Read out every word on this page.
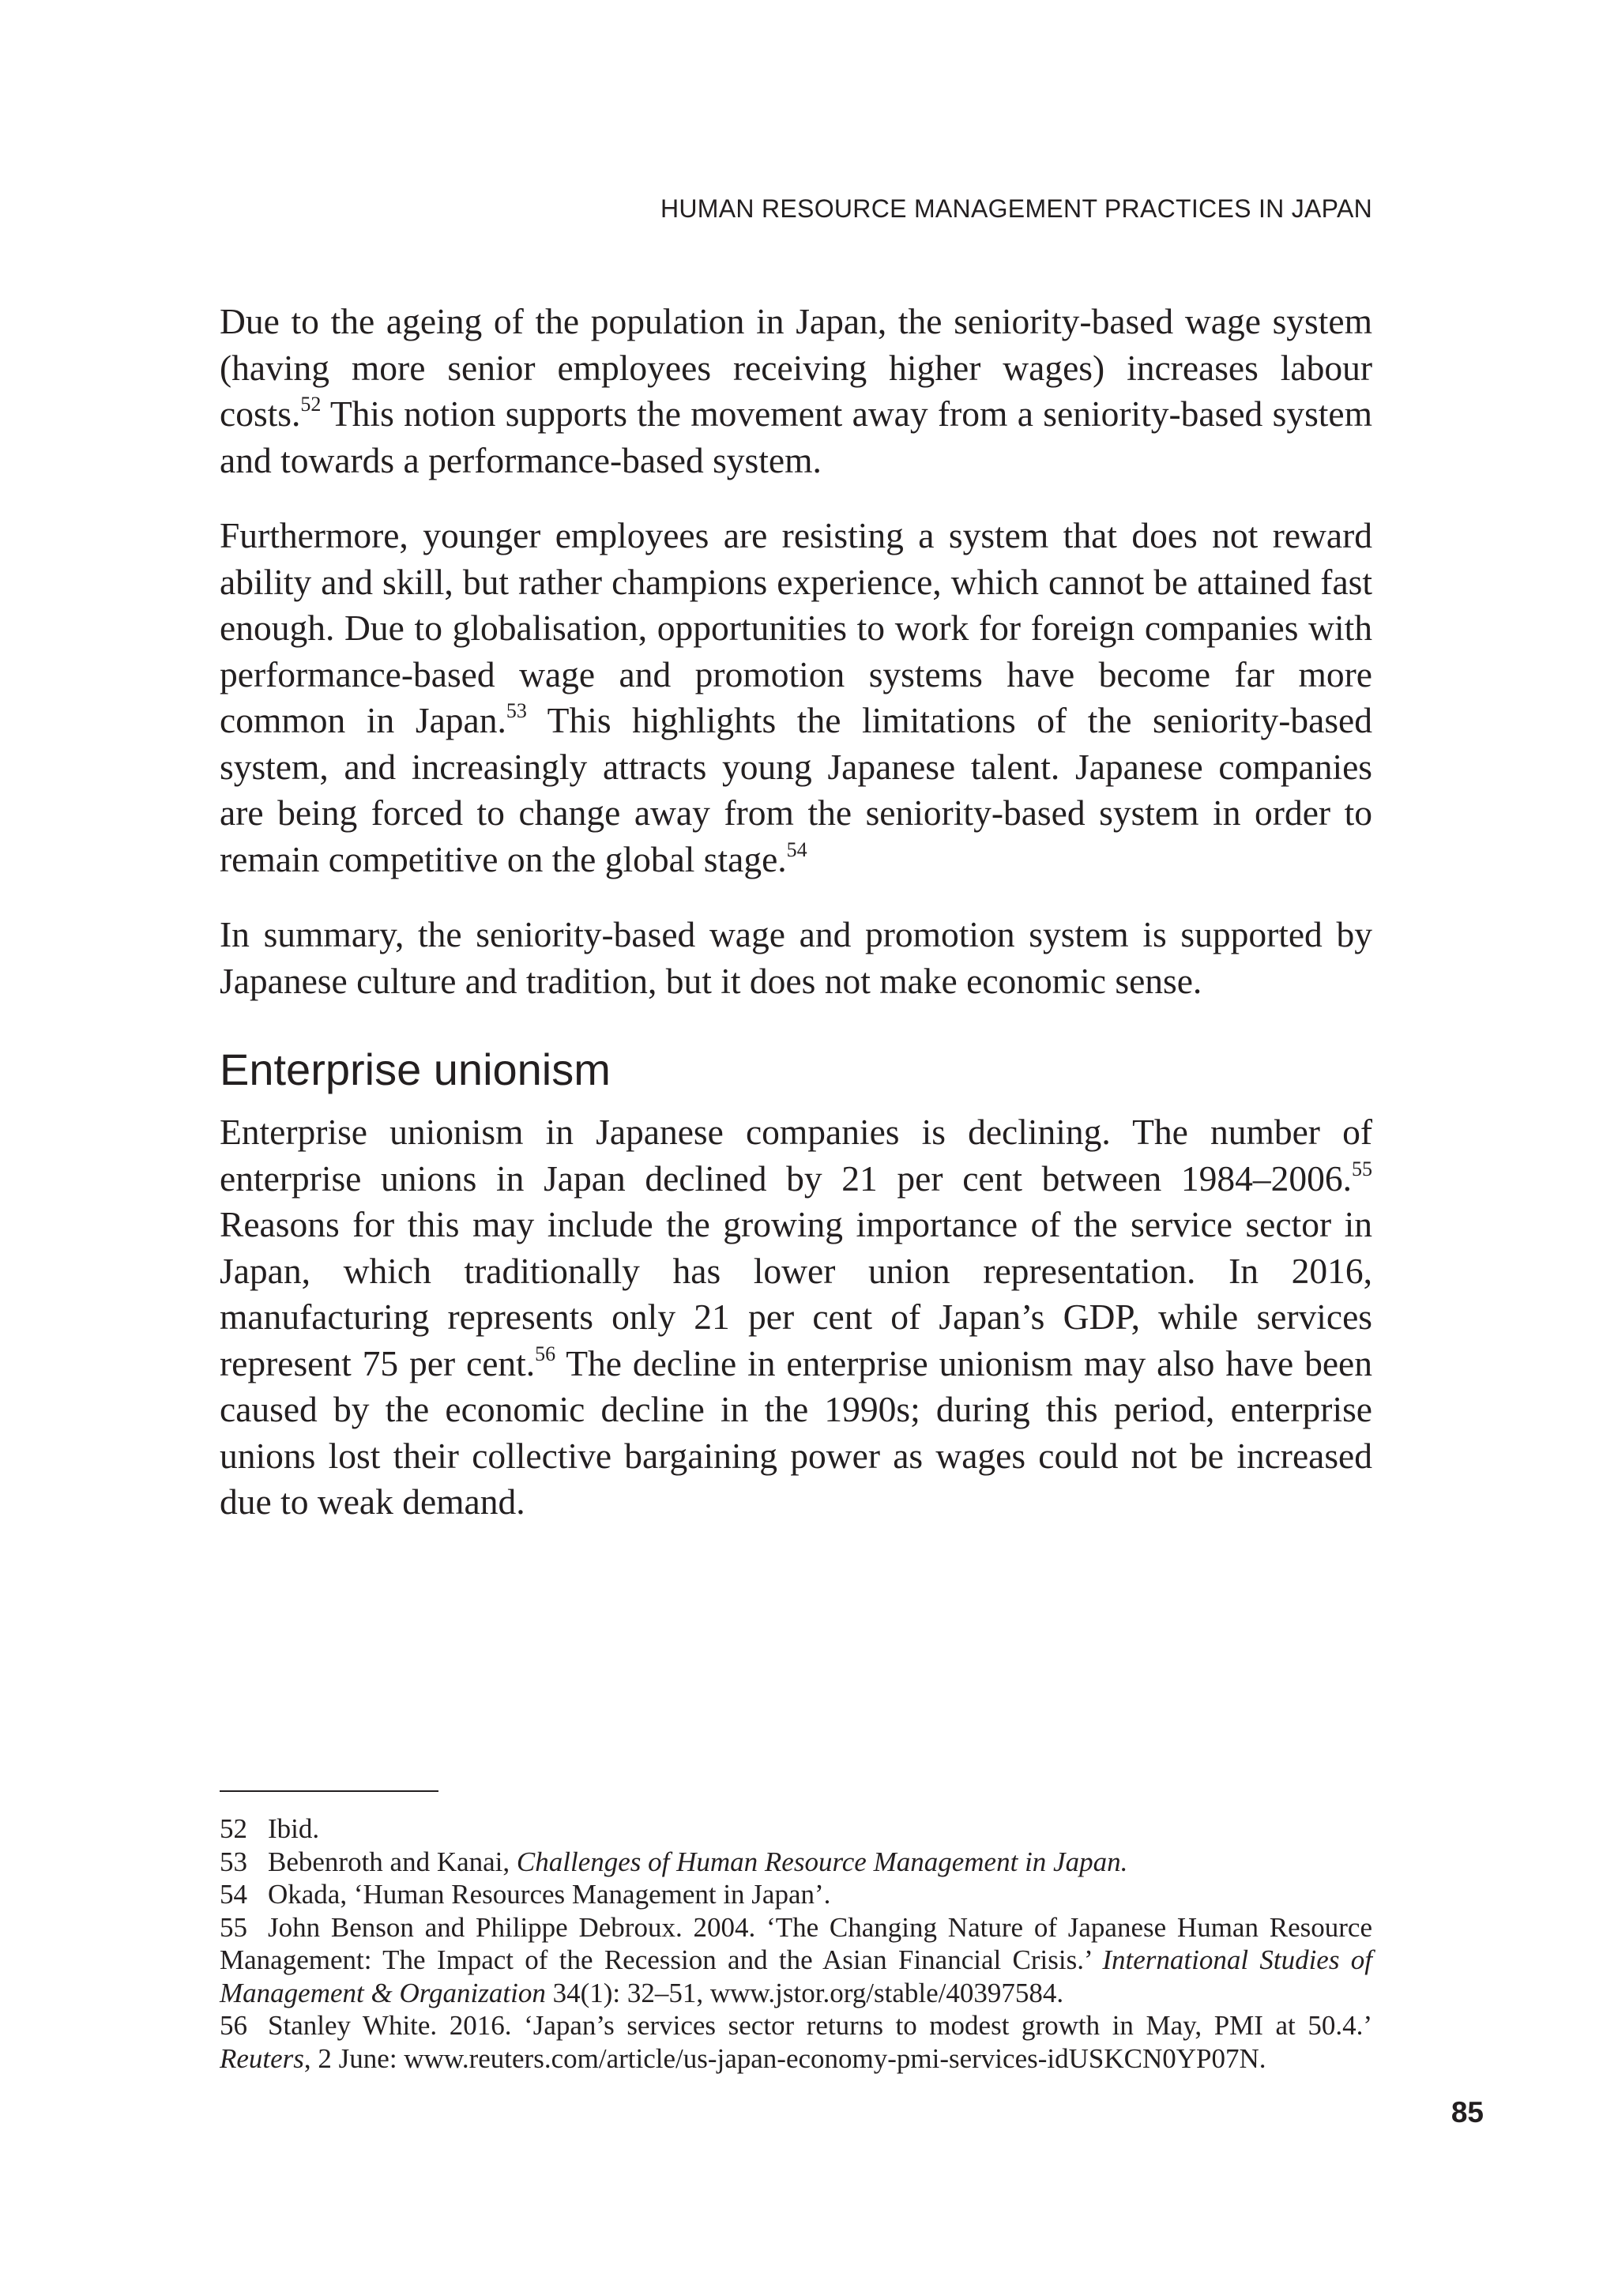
HUMAN RESOURCE MANAGEMENT PRACTICES IN JAPAN

Due to the ageing of the population in Japan, the seniority-based wage system (having more senior employees receiving higher wages) increases labour costs.$^{52}$ This notion supports the movement away from a seniority-based system and towards a performance-based system.

Furthermore, younger employees are resisting a system that does not reward ability and skill, but rather champions experience, which cannot be attained fast enough. Due to globalisation, opportunities to work for foreign companies with performance-based wage and promotion systems have become far more common in Japan.$^{53}$ This highlights the limitations of the seniority-based system, and increasingly attracts young Japanese talent. Japanese companies are being forced to change away from the seniority-based system in order to remain competitive on the global stage.$^{54}$

In summary, the seniority-based wage and promotion system is supported by Japanese culture and tradition, but it does not make economic sense.

Enterprise unionism

Enterprise unionism in Japanese companies is declining. The number of enterprise unions in Japan declined by 21 per cent between 1984–2006.55 Reasons for this may include the growing importance of the service sector in Japan, which traditionally has lower union representation. In 2016, manufacturing represents only 21 per cent of Japan’s GDP, while services represent 75 per cent.$^{56}$ The decline in enterprise unionism may also have been caused by the economic decline in the 1990s; during this period, enterprise unions lost their collective bargaining power as wages could not be increased due to weak demand.

52 Ibid.

53 Bebenroth and Kanai, Challenges of Human Resource Management in Japan.

54 Okada, ‘Human Resources Management in Japan’.

55 John Benson and Philippe Debroux. 2004. ‘The Changing Nature of Japanese Human Resource Management: The Impact of the Recession and the Asian Financial Crisis.’ International Studies of Management & Organization 34(1): 32–51, www.jstor.org/stable/40397584.

56 Stanley White. 2016. ‘Japan’s services sector returns to modest growth in May, PMI at 50.4.’ Reuters, 2 June: www.reuters.com/article/us-japan-economy-pmi-services-idUSKCN0YP07N.

85
